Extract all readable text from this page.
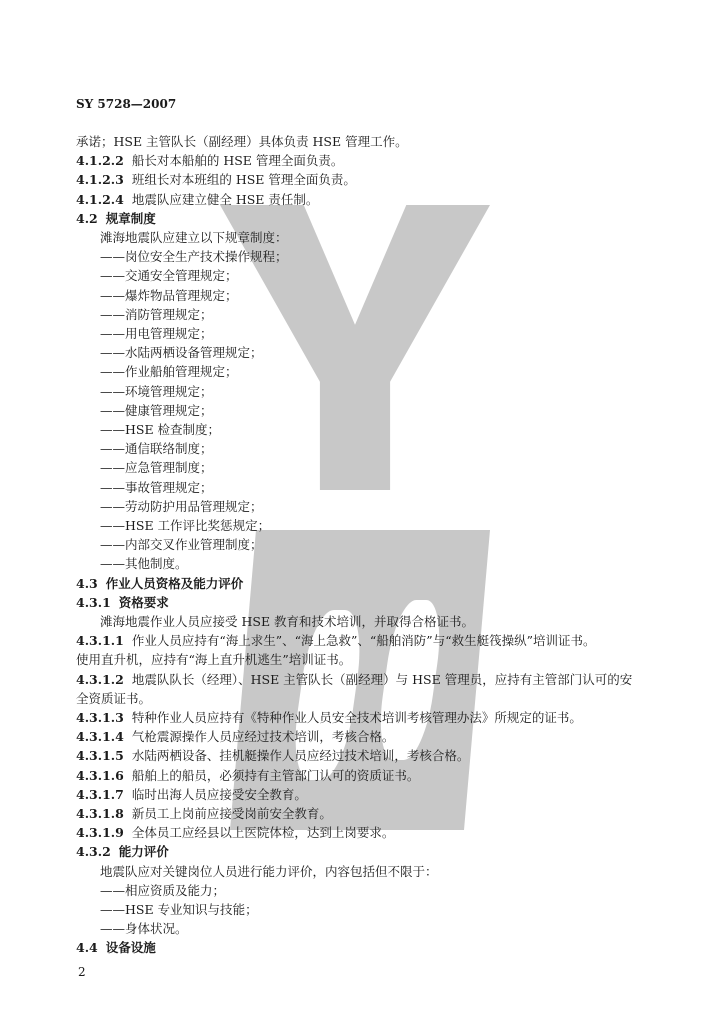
SY 5728—2007
承诺；HSE 主管队长（副经理）具体负责 HSE 管理工作。
4.1.2.2 船长对本船舶的 HSE 管理全面负责。
4.1.2.3 班组长对本班组的 HSE 管理全面负责。
4.1.2.4 地震队应建立健全 HSE 责任制。
4.2 规章制度
滩海地震队应建立以下规章制度：
——岗位安全生产技术操作规程；
——交通安全管理规定；
——爆炸物品管理规定；
——消防管理规定；
——用电管理规定；
——水陆两栖设备管理规定；
——作业船舶管理规定；
——环境管理规定；
——健康管理规定；
——HSE 检查制度；
——通信联络制度；
——应急管理制度；
——事故管理规定；
——劳动防护用品管理规定；
——HSE 工作评比奖惩规定；
——内部交叉作业管理制度；
——其他制度。
4.3 作业人员资格及能力评价
4.3.1 资格要求
滩海地震作业人员应接受 HSE 教育和技术培训，并取得合格证书。
4.3.1.1 作业人员应持有“海上求生”、“海上急救”、“船舶消防”与“救生艇筏操纵”培训证书。
使用直升机，应持有“海上直升机逃生”培训证书。
4.3.1.2 地震队队长（经理）、HSE 主管队长（副经理）与 HSE 管理员，应持有主管部门认可的安
全资质证书。
4.3.1.3 特种作业人员应持有《特种作业人员安全技术培训考核管理办法》所规定的证书。
4.3.1.4 气枪震源操作人员应经过技术培训，考核合格。
4.3.1.5 水陆两栖设备、挂机艇操作人员应经过技术培训，考核合格。
4.3.1.6 船舶上的船员，必须持有主管部门认可的资质证书。
4.3.1.7 临时出海人员应接受安全教育。
4.3.1.8 新员工上岗前应接受岗前安全教育。
4.3.1.9 全体员工应经县以上医院体检，达到上岗要求。
4.3.2 能力评价
地震队应对关键岗位人员进行能力评价，内容包括但不限于：
——相应资质及能力；
——HSE 专业知识与技能；
——身体状况。
4.4 设备设施
2
